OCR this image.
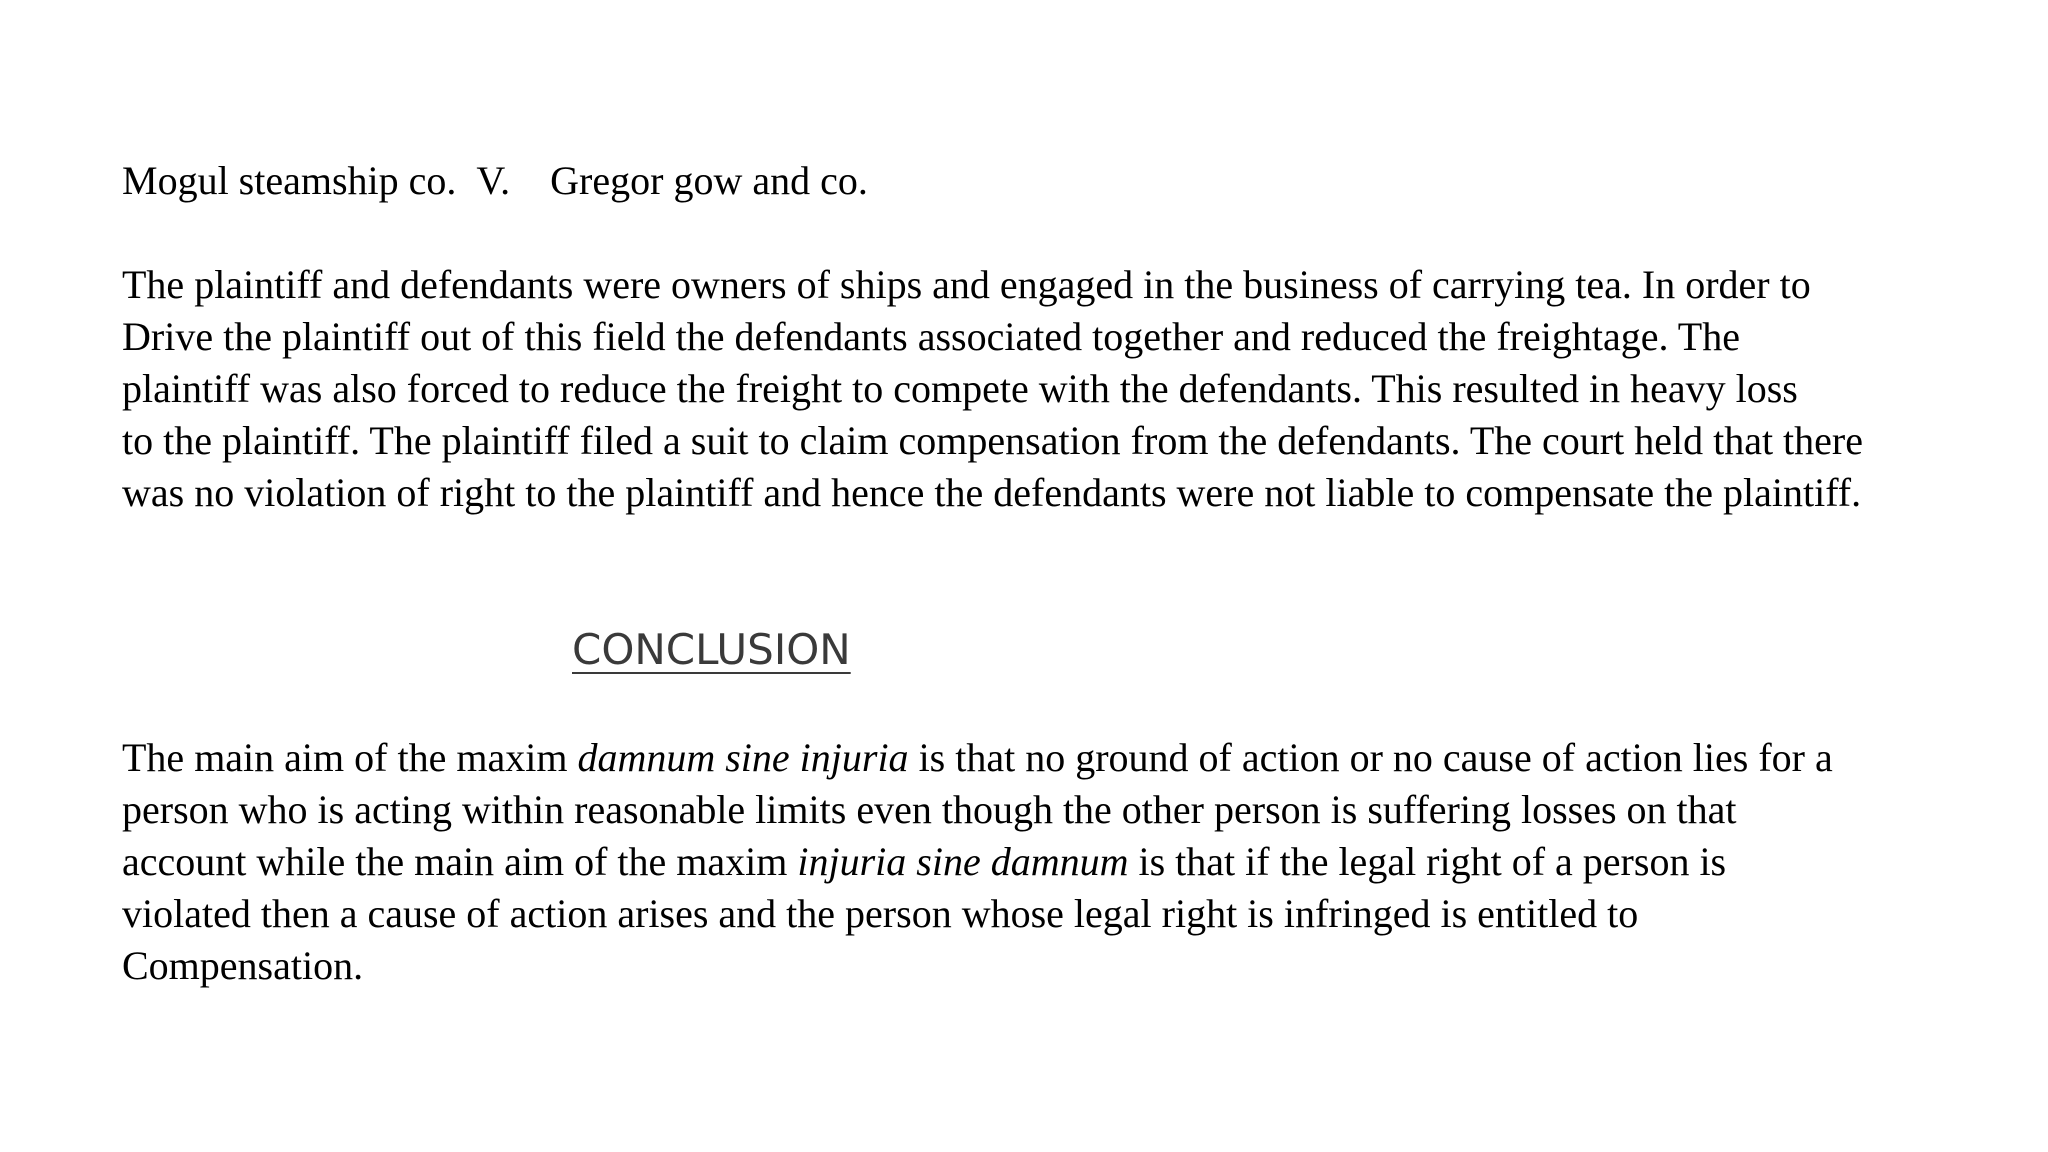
Mogul steamship co. V. Gregor gow and co.
The plaintiff and defendants were owners of ships and engaged in the business of carrying tea. In order to
Drive the plaintiff out of this field the defendants associated together and reduced the freightage. The
plaintiff was also forced to reduce the freight to compete with the defendants. This resulted in heavy loss
to the plaintiff. The plaintiff filed a suit to claim compensation from the defendants. The court held that there
was no violation of right to the plaintiff and hence the defendants were not liable to compensate the plaintiff.
CONCLUSION
The main aim of the maxim damnum sine injuria is that no ground of action or no cause of action lies for a
person who is acting within reasonable limits even though the other person is suffering losses on that
account while the main aim of the maxim injuria sine damnum is that if the legal right of a person is
violated then a cause of action arises and the person whose legal right is infringed is entitled to
Compensation.
